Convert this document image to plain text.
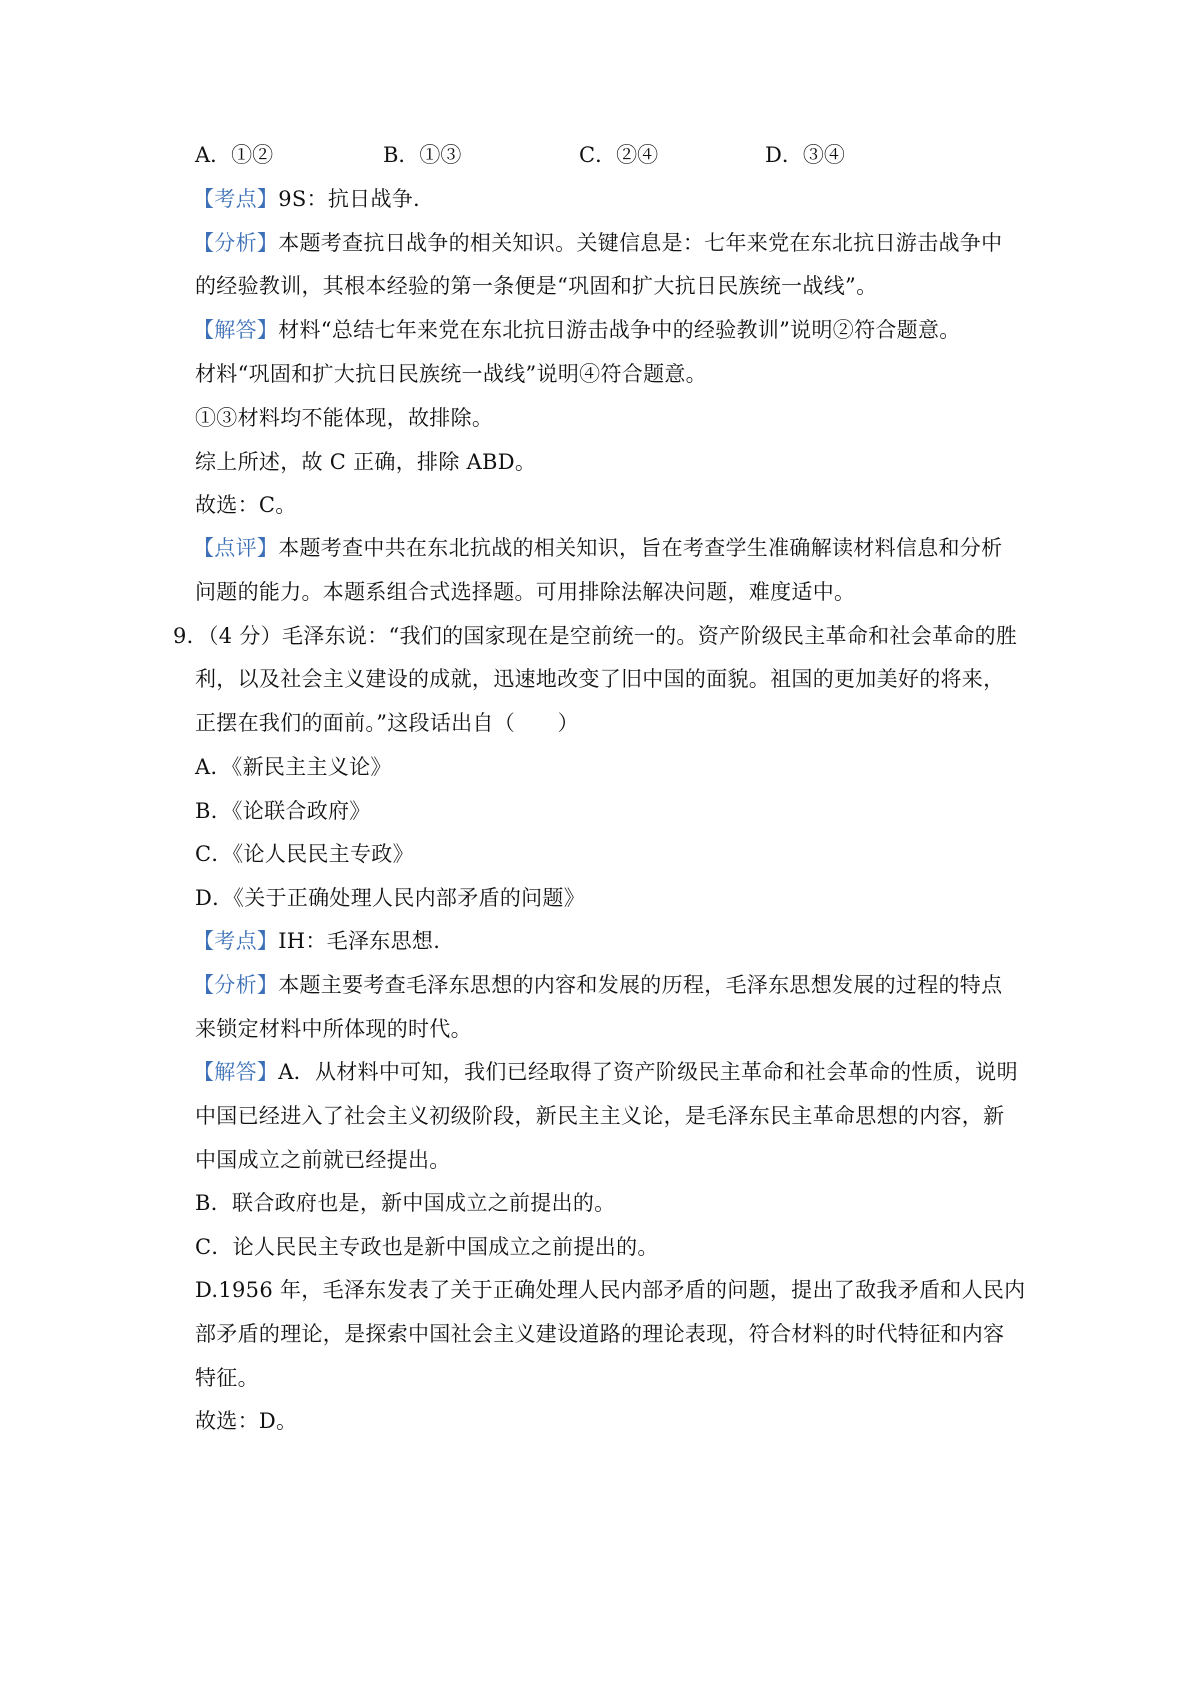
A．①②	B．①③	C．②④	D．③④
【考点】9S：抗日战争.
【分析】本题考查抗日战争的相关知识。关键信息是：七年来党在东北抗日游击战争中
的经验教训，其根本经验的第一条便是“巩固和扩大抗日民族统一战线”。
【解答】材料“总结七年来党在东北抗日游击战争中的经验教训”说明②符合题意。
材料“巩固和扩大抗日民族统一战线”说明④符合题意。
①③材料均不能体现，故排除。
综上所述，故 C 正确，排除 ABD。
故选：C。
【点评】本题考查中共在东北抗战的相关知识，旨在考查学生准确解读材料信息和分析
问题的能力。本题系组合式选择题。可用排除法解决问题，难度适中。
9．（4 分）毛泽东说：“我们的国家现在是空前统一的。资产阶级民主革命和社会革命的胜
利，以及社会主义建设的成就，迅速地改变了旧中国的面貌。祖国的更加美好的将来，
正摆在我们的面前。”这段话出自（　　）
A．《新民主主义论》
B．《论联合政府》
C．《论人民民主专政》
D．《关于正确处理人民内部矛盾的问题》
【考点】IH：毛泽东思想.
【分析】本题主要考查毛泽东思想的内容和发展的历程，毛泽东思想发展的过程的特点
来锁定材料中所体现的时代。
【解答】A．从材料中可知，我们已经取得了资产阶级民主革命和社会革命的性质，说明
中国已经进入了社会主义初级阶段，新民主主义论，是毛泽东民主革命思想的内容，新
中国成立之前就已经提出。
B．联合政府也是，新中国成立之前提出的。
C．论人民民主专政也是新中国成立之前提出的。
D.1956 年，毛泽东发表了关于正确处理人民内部矛盾的问题，提出了敌我矛盾和人民内
部矛盾的理论，是探索中国社会主义建设道路的理论表现，符合材料的时代特征和内容
特征。
故选：D。
